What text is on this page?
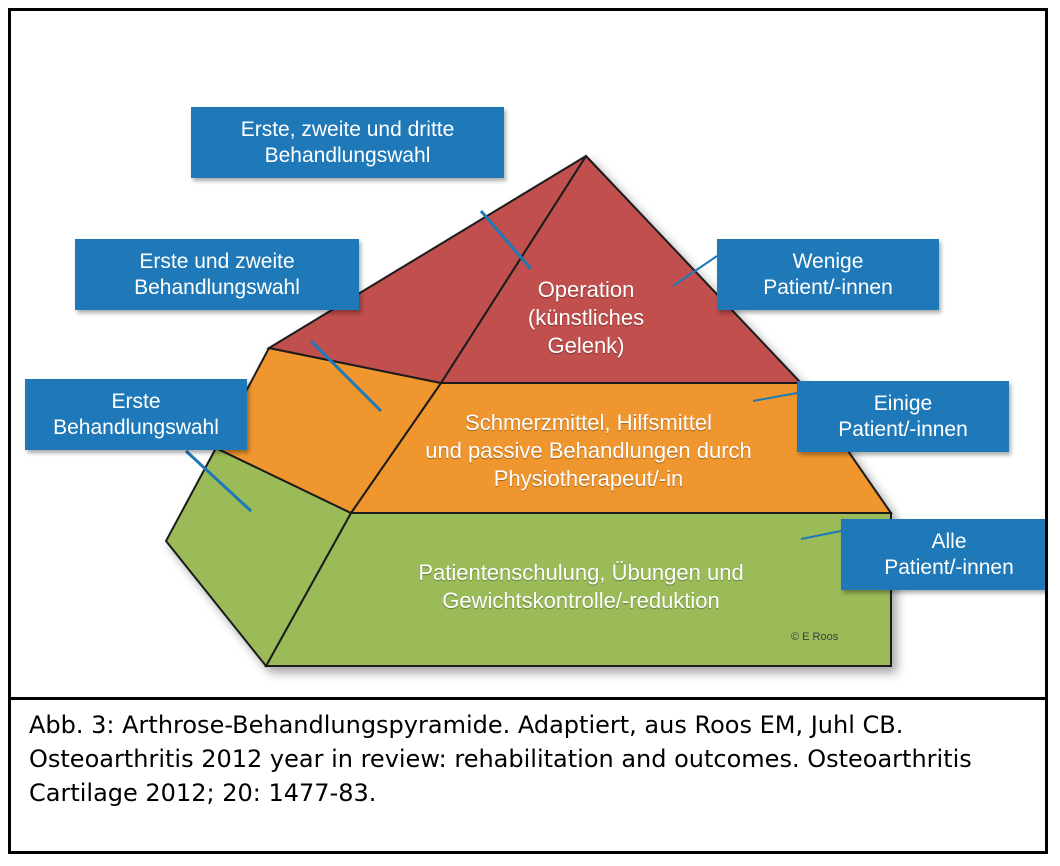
Erste, zweite und dritte
Behandlungswahl
Erste und zweite
Behandlungswahl
Erste
Behandlungswahl
Wenige
Patient/-innen
Einige
Patient/-innen
Alle
Patient/-innen
Operation
(künstliches
Gelenk)
Schmerzmittel, Hilfsmittel
und passive Behandlungen durch
Physiotherapeut/-in
Patientenschulung, Übungen und
Gewichtskontrolle/-reduktion
© E Roos
Abb. 3: Arthrose-Behandlungspyramide. Adaptiert, aus Roos EM, Juhl CB.
Osteoarthritis 2012 year in review: rehabilitation and outcomes. Osteoarthritis
Cartilage 2012; 20: 1477-83.
